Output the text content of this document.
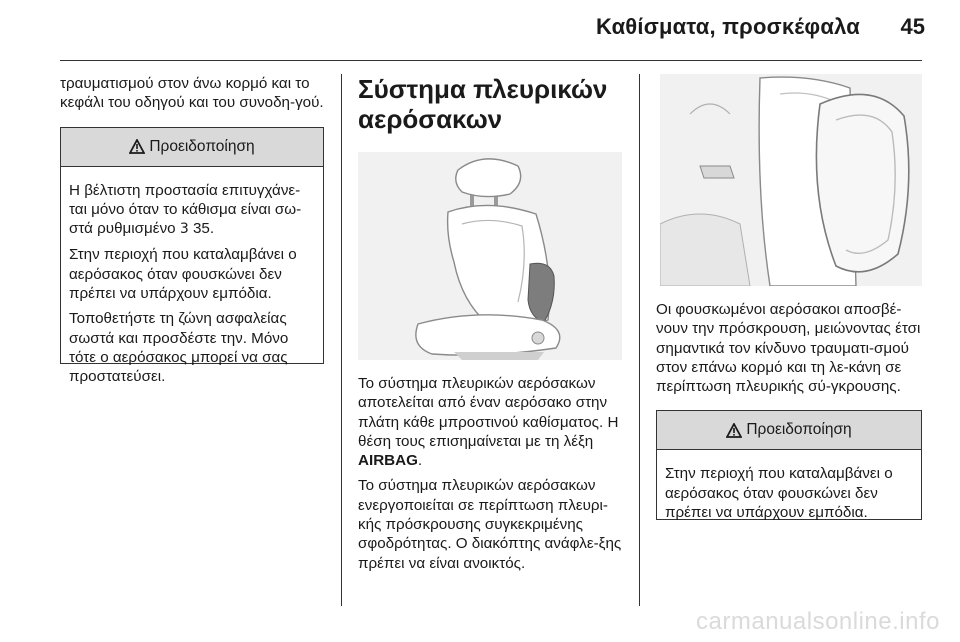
Καθίσματα, προσκέφαλα	45

τραυματισμού στον άνω κορμό και το κεφάλι του οδηγού και του συνοδη-γού.

Προειδοποίηση

Η βέλτιστη προστασία επιτυγχάνε-ται μόνο όταν το κάθισμα είναι σω-στά ρυθμισμένο 3 35.

Στην περιοχή που καταλαμβάνει ο αερόσακος όταν φουσκώνει δεν πρέπει να υπάρχουν εμπόδια.

Τοποθετήστε τη ζώνη ασφαλείας σωστά και προσδέστε την. Μόνο τότε ο αερόσακος μπορεί να σας προστατεύσει.

Σύστημα πλευρικών αερόσακων

Το σύστημα πλευρικών αερόσακων αποτελείται από έναν αερόσακο στην πλάτη κάθε μπροστινού καθίσματος. Η θέση τους επισημαίνεται με τη λέξη AIRBAG.

Το σύστημα πλευρικών αερόσακων ενεργοποιείται σε περίπτωση πλευρι-κής πρόσκρουσης συγκεκριμένης σφοδρότητας. Ο διακόπτης ανάφλε-ξης πρέπει να είναι ανοικτός.

Οι φουσκωμένοι αερόσακοι αποσβέ-νουν την πρόσκρουση, μειώνοντας έτσι σημαντικά τον κίνδυνο τραυματι-σμού στον επάνω κορμό και τη λε-κάνη σε περίπτωση πλευρικής σύ-γκρουσης.

Προειδοποίηση

Στην περιοχή που καταλαμβάνει ο αερόσακος όταν φουσκώνει δεν πρέπει να υπάρχουν εμπόδια.

carmanualsonline.info
